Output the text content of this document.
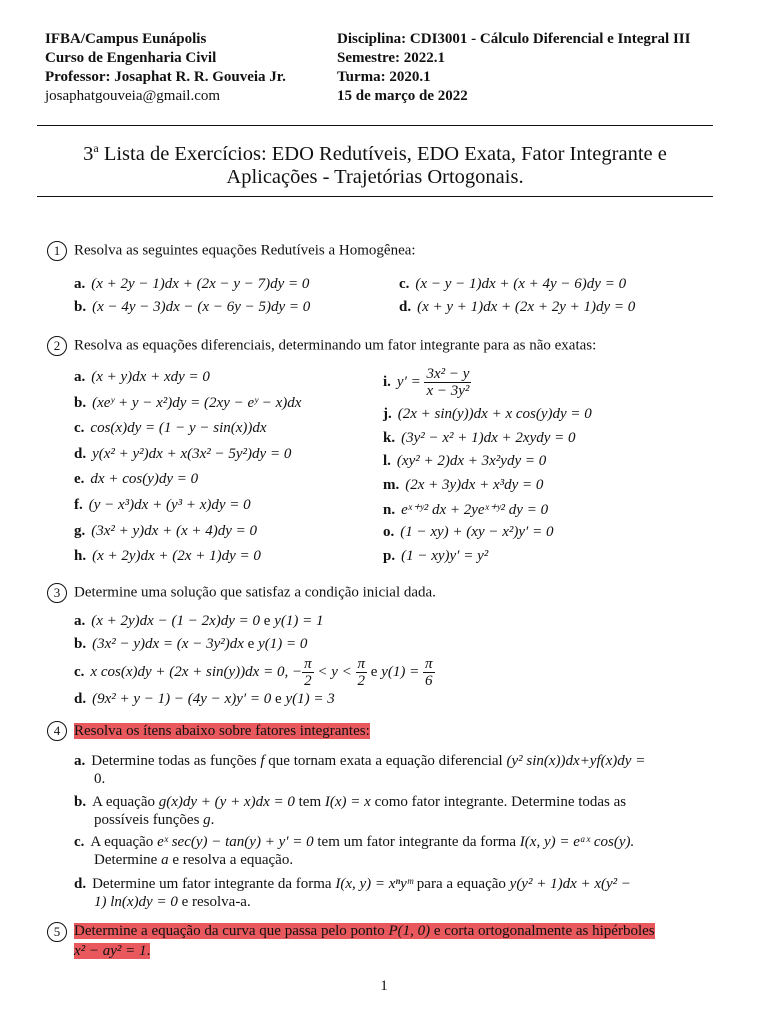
IFBA/Campus Eunápolis
Curso de Engenharia Civil
Professor: Josaphat R. R. Gouveia Jr.
josaphatgouveia@gmail.com
Disciplina: CDI3001 - Cálculo Diferencial e Integral III
Semestre: 2022.1
Turma: 2020.1
15 de março de 2022
3$^a$ Lista de Exercícios: EDO Redutíveis, EDO Exata, Fator Integrante e
Aplicações - Trajetórias Ortogonais.
1 Resolva as seguintes equações Redutíveis a Homogênea:
a. (x + 2y − 1)dx + (2x − y − 7)dy = 0
b. (x − 4y − 3)dx − (x − 6y − 5)dy = 0
c. (x − y − 1)dx + (x + 4y − 6)dy = 0
d. (x + y + 1)dx + (2x + 2y + 1)dy = 0
2 Resolva as equações diferenciais, determinando um fator integrante para as não exatas:
a. (x + y)dx + xdy = 0
b. (xeʸ + y − x²)dy = (2xy − eʸ − x)dx
c. cos(x)dy = (1 − y − sin(x))dx
d. y(x² + y²)dx + x(3x² − 5y²)dy = 0
e. dx + cos(y)dy = 0
f. (y − x³)dx + (y³ + x)dy = 0
g. (3x² + y)dx + (x + 4)dy = 0
h. (x + 2y)dx + (2x + 1)dy = 0
i. $y' = \frac{\text{3x² − y}}{\text{x − 3y²}}$
j. (2x + sin(y))dx + x cos(y)dy = 0
k. (3y² − x² + 1)dx + 2xydy = 0
l. (xy² + 2)dx + 3x²ydy = 0
m. (2x + 3y)dx + x³dy = 0
n. eˣ⁺ʸ² dx + 2yeˣ⁺ʸ² dy = 0
o. (1 − xy) + (xy − x²)y′ = 0
p. (1 − xy)y′ = y²
3 Determine uma solução que satisfaz a condição inicial dada.
a. (x + 2y)dx − (1 − 2x)dy = 0 e y(1) = 1
b. (3x² − y)dx = (x − 3y²)dx e y(1) = 0
c. x cos(x)dy + (2x + sin(y))dx = 0, − $\frac{\pi}{2} < y < \frac{\pi}{2}$ e $y(1) = \frac{\pi}{6}$
d. (9x² + y − 1) − (4y − x)y′ = 0 e y(1) = 3
4 Resolva os ítens abaixo sobre fatores integrantes:
a. Determine todas as funções f que tornam exata a equação diferencial (y² sin(x))dx+yf(x)dy =
0.
b. A equação g(x)dy + (y + x)dx = 0 tem I(x) = x como fator integrante. Determine todas as
possíveis funções g.
c. A equação eˣ sec(y) − tan(y) + y′ = 0 tem um fator integrante da forma I(x, y) = eᵃˣ cos(y).
Determine a e resolva a equação.
d. Determine um fator integrante da forma I(x, y) = xⁿyᵐ para a equação y(y² + 1)dx + x(y² −
1) ln(x)dy = 0 e resolva-a.
5 Determine a equação da curva que passa pelo ponto P(1, 0) e corta ortogonalmente as hipérboles
x² − ay² = 1.
1
